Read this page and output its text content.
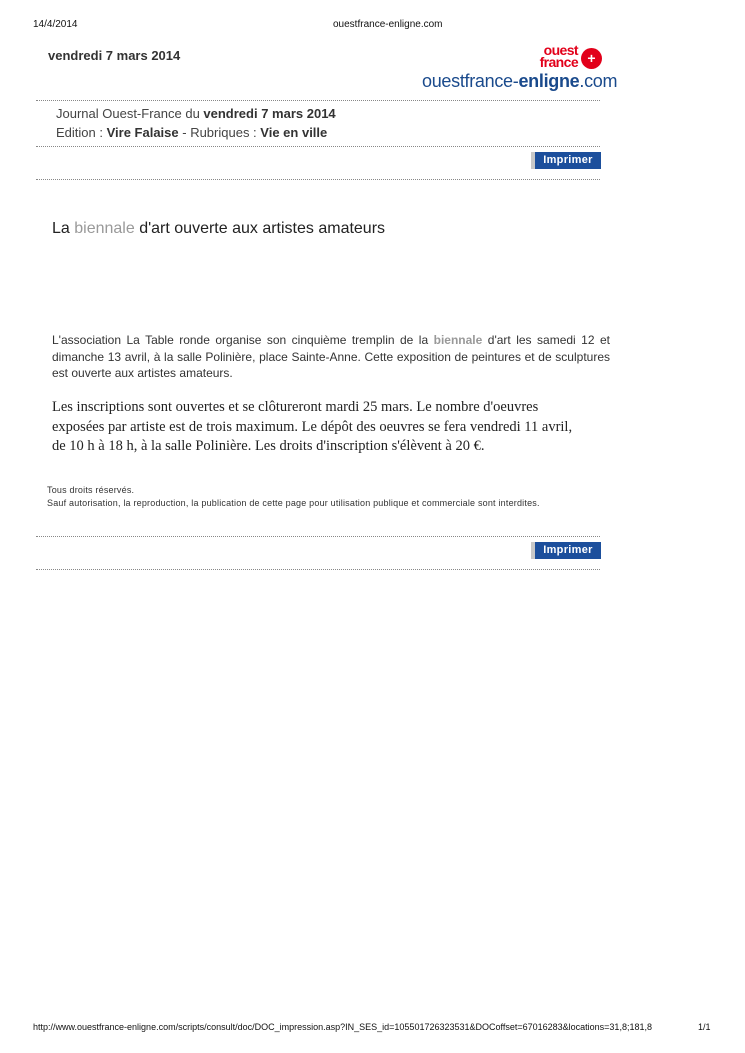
14/4/2014	ouestfrance-enligne.com
vendredi 7 mars 2014	ouest
france +
ouestfrance-enligne.com
Journal Ouest-France du vendredi 7 mars 2014
Edition : Vire Falaise - Rubriques : Vie en ville
Imprimer
La biennale d'art ouverte aux artistes amateurs
L'association La Table ronde organise son cinquième tremplin de la biennale d'art les samedi 12 et dimanche 13 avril, à la salle Polinière, place Sainte-Anne. Cette exposition de peintures et de sculptures est ouverte aux artistes amateurs.
Les inscriptions sont ouvertes et se clôtureront mardi 25 mars. Le nombre d'oeuvres
exposées par artiste est de trois maximum. Le dépôt des oeuvres se fera vendredi 11 avril,
de 10 h à 18 h, à la salle Polinière. Les droits d'inscription s'élèvent à 20 €.
Tous droits réservés.
Sauf autorisation, la reproduction, la publication de cette page pour utilisation publique et commerciale sont interdites.
Imprimer
http://www.ouestfrance-enligne.com/scripts/consult/doc/DOC_impression.asp?IN_SES_id=105501726323531&DOCoffset=67016283&locations=31,8;181,8	1/1
